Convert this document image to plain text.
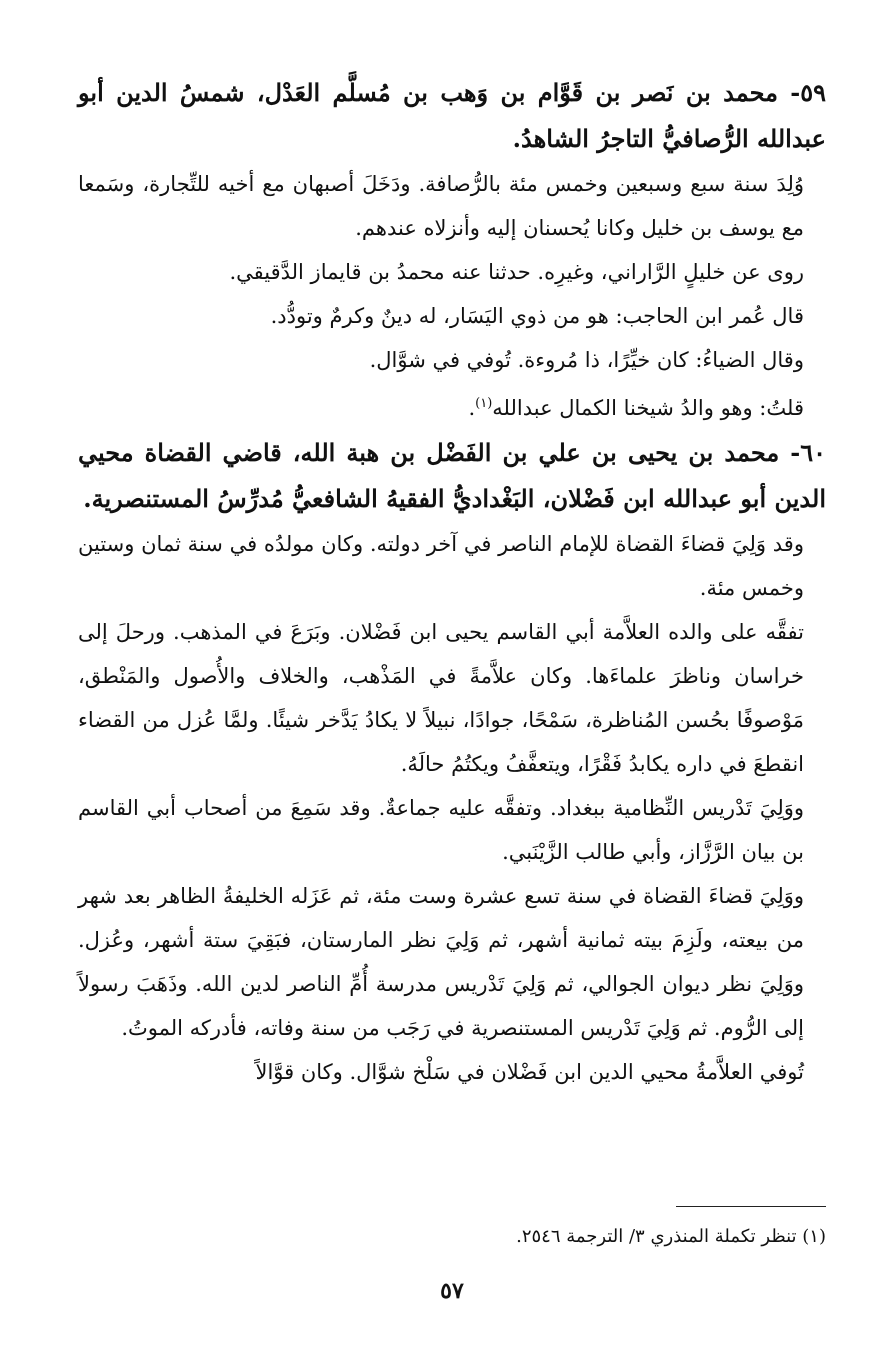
٥٩- محمد بن نَصر بن قَوَّام بن وَهب بن مُسلَّم العَدْل، شمسُ الدين أبو عبدالله الرُّصافيُّ التاجرُ الشاهدُ.

وُلِدَ سنة سبع وسبعين وخمس مئة بالرُّصافة. ودَخَلَ أصبهان مع أخيه للتِّجارة، وسَمعا مع يوسف بن خليل وكانا يُحسنان إليه وأنزلاه عندهم.

روى عن خليلٍ الرَّاراني، وغيرِه. حدثنا عنه محمدُ بن قايماز الدَّقيقي.

قال عُمر ابن الحاجب: هو من ذوي اليَسَار، له دينٌ وكرمٌ وتودُّد.

وقال الضياءُ: كان خيِّرًا، ذا مُروءة. تُوفي في شوَّال.

قلتُ: وهو والدُ شيخنا الكمال عبدالله$^{(١)}$.

٦٠- محمد بن يحيى بن علي بن الفَضْل بن هبة الله، قاضي القضاة محيي الدين أبو عبدالله ابن فَضْلان، البَغْداديُّ الفقيهُ الشافعيُّ مُدرِّسُ المستنصرية.

وقد وَلِيَ قضاءَ القضاة للإمام الناصر في آخر دولته. وكان مولدُه في سنة ثمان وستين وخمس مئة.

تفقَّه على والده العلاَّمة أبي القاسم يحيى ابن فَضْلان. وبَرَعَ في المذهب. ورحلَ إلى خراسان وناظرَ علماءَها. وكان علاَّمةً في المَذْهب، والخلاف والأُصول والمَنْطق، مَوْصوفًا بحُسن المُناظرة، سَمْحًا، جوادًا، نبيلاً لا يكادُ يَدَّخر شيئًا. ولمَّا عُزل من القضاء انقطعَ في داره يكابدُ فَقْرًا، ويتعفَّفُ ويكتُمُ حالَهُ.

ووَلِيَ تَدْريس النِّظامية ببغداد. وتفقَّه عليه جماعةٌ. وقد سَمِعَ من أصحاب أبي القاسم بن بيان الرَّزَّاز، وأبي طالب الزَّيْنَبي.

ووَلِيَ قضاءَ القضاة في سنة تسع عشرة وست مئة، ثم عَزَله الخليفةُ الظاهر بعد شهر من بيعته، ولَزِمَ بيته ثمانية أشهر، ثم وَلِيَ نظر المارستان، فبَقِيَ ستة أشهر، وعُزل. ووَلِيَ نظر ديوان الجوالي، ثم وَلِيَ تَدْريس مدرسة أُمِّ الناصر لدين الله. وذَهَبَ رسولاً إلى الرُّوم. ثم وَلِيَ تَدْريس المستنصرية في رَجَب من سنة وفاته، فأدركه الموتُ.

تُوفي العلاَّمةُ محيي الدين ابن فَضْلان في سَلْخ شوَّال. وكان قوَّالاً

(١) تنظر تكملة المنذري ٣/ الترجمة ٢٥٤٦.
٥٧
